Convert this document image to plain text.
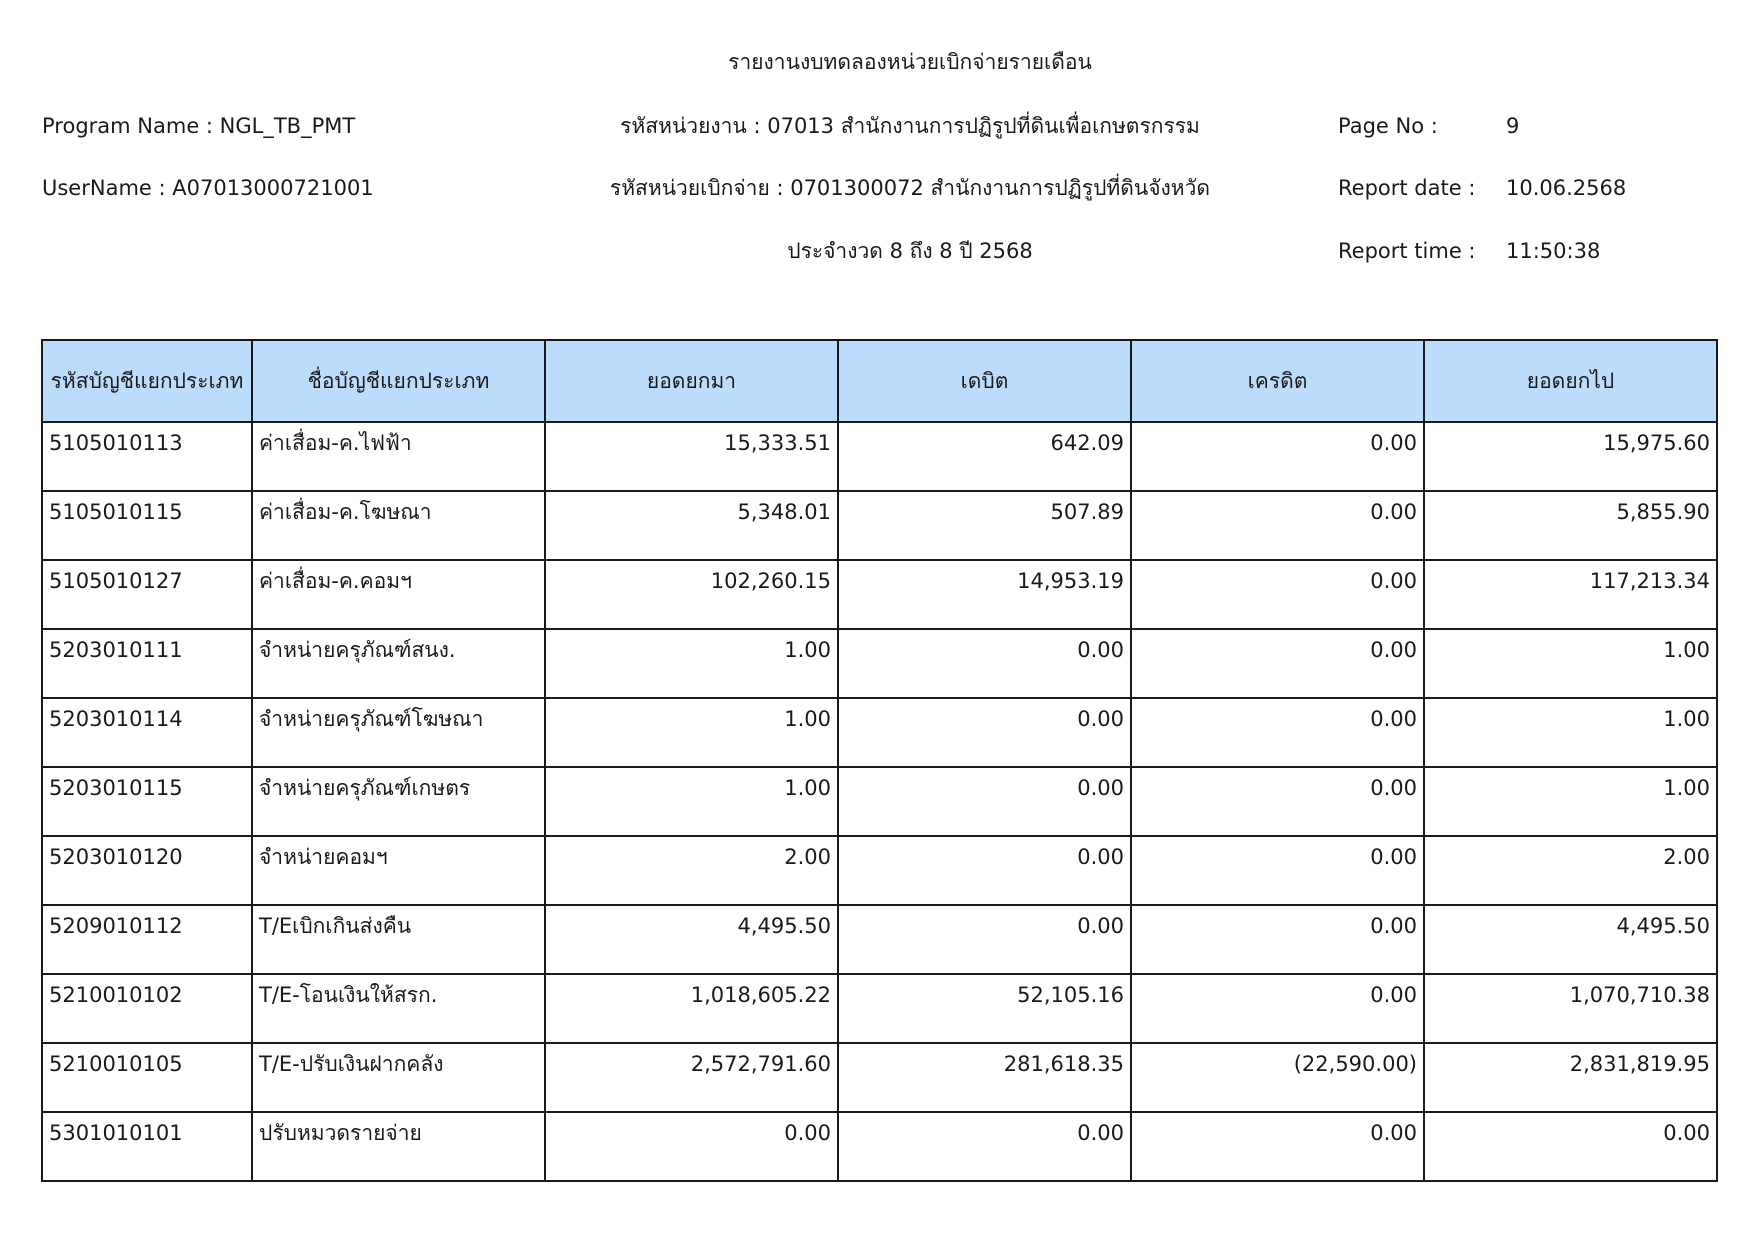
รายงานงบทดลองหน่วยเบิกจ่ายรายเดือน
Program Name : NGL_TB_PMT	รหัสหน่วยงาน : 07013 สำนักงานการปฏิรูปที่ดินเพื่อเกษตรกรรม	Page No :	9
UserName : A07013000721001	รหัสหน่วยเบิกจ่าย : 0701300072 สำนักงานการปฏิรูปที่ดินจังหวัด	Report date : 10.06.2568
ประจำงวด 8 ถึง 8 ปี 2568	Report time : 11:50:38
รหัสบัญชีแยกประเภท	ชื่อบัญชีแยกประเภท	ยอดยกมา	เดบิต	เครดิต	ยอดยกไป
5105010113	ค่าเสื่อม-ค.ไฟฟ้า	15,333.51	642.09	0.00	15,975.60
5105010115	ค่าเสื่อม-ค.โฆษณา	5,348.01	507.89	0.00	5,855.90
5105010127	ค่าเสื่อม-ค.คอมฯ	102,260.15	14,953.19	0.00	117,213.34
5203010111	จำหน่ายครุภัณฑ์สนง.	1.00	0.00	0.00	1.00
5203010114	จำหน่ายครุภัณฑ์โฆษณา	1.00	0.00	0.00	1.00
5203010115	จำหน่ายครุภัณฑ์เกษตร	1.00	0.00	0.00	1.00
5203010120	จำหน่ายคอมฯ	2.00	0.00	0.00	2.00
5209010112	T/Eเบิกเกินส่งคืน	4,495.50	0.00	0.00	4,495.50
5210010102	T/E-โอนเงินให้สรก.	1,018,605.22	52,105.16	0.00	1,070,710.38
5210010105	T/E-ปรับเงินฝากคลัง	2,572,791.60	281,618.35	(22,590.00)	2,831,819.95
5301010101	ปรับหมวดรายจ่าย	0.00	0.00	0.00	0.00
